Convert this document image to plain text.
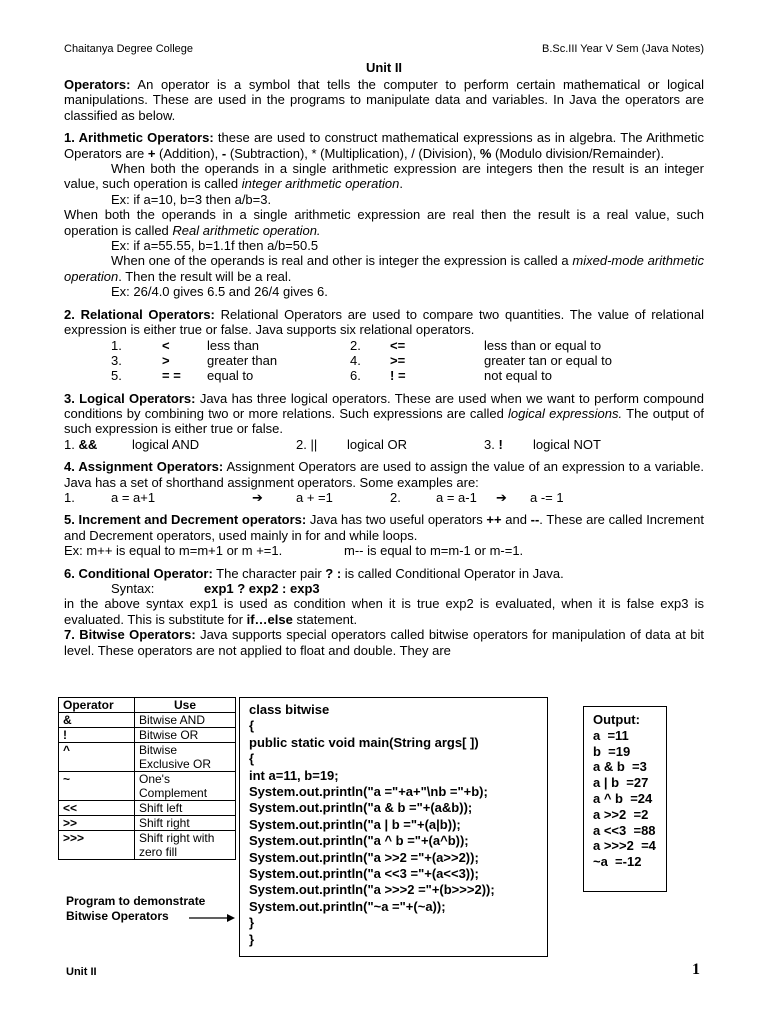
Chaitanya Degree College	B.Sc.III Year V Sem (Java Notes)
Unit II

Operators: An operator is a symbol that tells the computer to perform certain mathematical or logical manipulations. These are used in the programs to manipulate data and variables. In Java the operators are classified as below.

1. Arithmetic Operators: these are used to construct mathematical expressions as in algebra. The Arithmetic Operators are + (Addition), - (Subtraction), * (Multiplication), / (Division), % (Modulo division/Remainder).

When both the operands in a single arithmetic expression are integers then the result is an integer value, such operation is called integer arithmetic operation.

Ex: if a=10, b=3 then a/b=3.

When both the operands in a single arithmetic expression are real then the result is a real value, such operation is called Real arithmetic operation.

Ex: if a=55.55, b=1.1f then a/b=50.5

When one of the operands is real and other is integer the expression is called a mixed-mode arithmetic operation. Then the result will be a real.

Ex: 26/4.0 gives 6.5 and 26/4 gives 6.

2. Relational Operators: Relational Operators are used to compare two quantities. The value of relational expression is either true or false. Java supports six relational operators.

1.	<	less than	2. <=	less than or equal to
3.	>	greater than	4. >=	greater tan or equal to
5.	= = equal to	6. ! =	not equal to

3. Logical Operators: Java has three logical operators. These are used when we want to perform compound conditions by combining two or more relations. Such expressions are called logical expressions. The output of such expression is either true or false.

1. &&	logical AND	2. || logical OR	3. ! logical NOT

4. Assignment Operators: Assignment Operators are used to assign the value of an expression to a variable. Java has a set of shorthand assignment operators. Some examples are:

1.	a = a+1	➔	a + =1	2.	a = a-1 ➔ a -= 1

5. Increment and Decrement operators: Java has two useful operators ++ and --. These are called Increment and Decrement operators, used mainly in for and while loops.

Ex: m++ is equal to m=m+1 or m +=1.	m-- is equal to m=m-1 or m-=1.

6. Conditional Operator: The character pair ? : is called Conditional Operator in Java.

Syntax:	exp1 ? exp2 : exp3

in the above syntax exp1 is used as condition when it is true exp2 is evaluated, when it is false exp3 is evaluated. This is substitute for if…else statement.

7. Bitwise Operators: Java supports special operators called bitwise operators for manipulation of data at bit level. These operators are not applied to float and double. They are

Operator	Use
&	Bitwise AND
!	Bitwise OR
^	Bitwise
Exclusive OR
~	One's
Complement
<<	Shift left
>>	Shift right
>>>	Shift right with
zero fill
Program to demonstrate
Bitwise Operators
class bitwise
{
public static void main(String args[ ])
{
int a=11, b=19;
System.out.println("a ="+a+"\nb ="+b);
System.out.println("a & b ="+(a&b));
System.out.println("a | b ="+(a|b));
System.out.println("a ^ b ="+(a^b));
System.out.println("a >>2 ="+(a>>2));
System.out.println("a <<3 ="+(a<<3));
System.out.println("a >>>2 ="+(b>>>2));
System.out.println("~a ="+(~a));
}
}
Output:
a  =11
b  =19
a & b  =3
a | b  =27
a ^ b  =24
a >>2  =2
a <<3  =88
a >>>2  =4
~a  =-12
Unit II	1
